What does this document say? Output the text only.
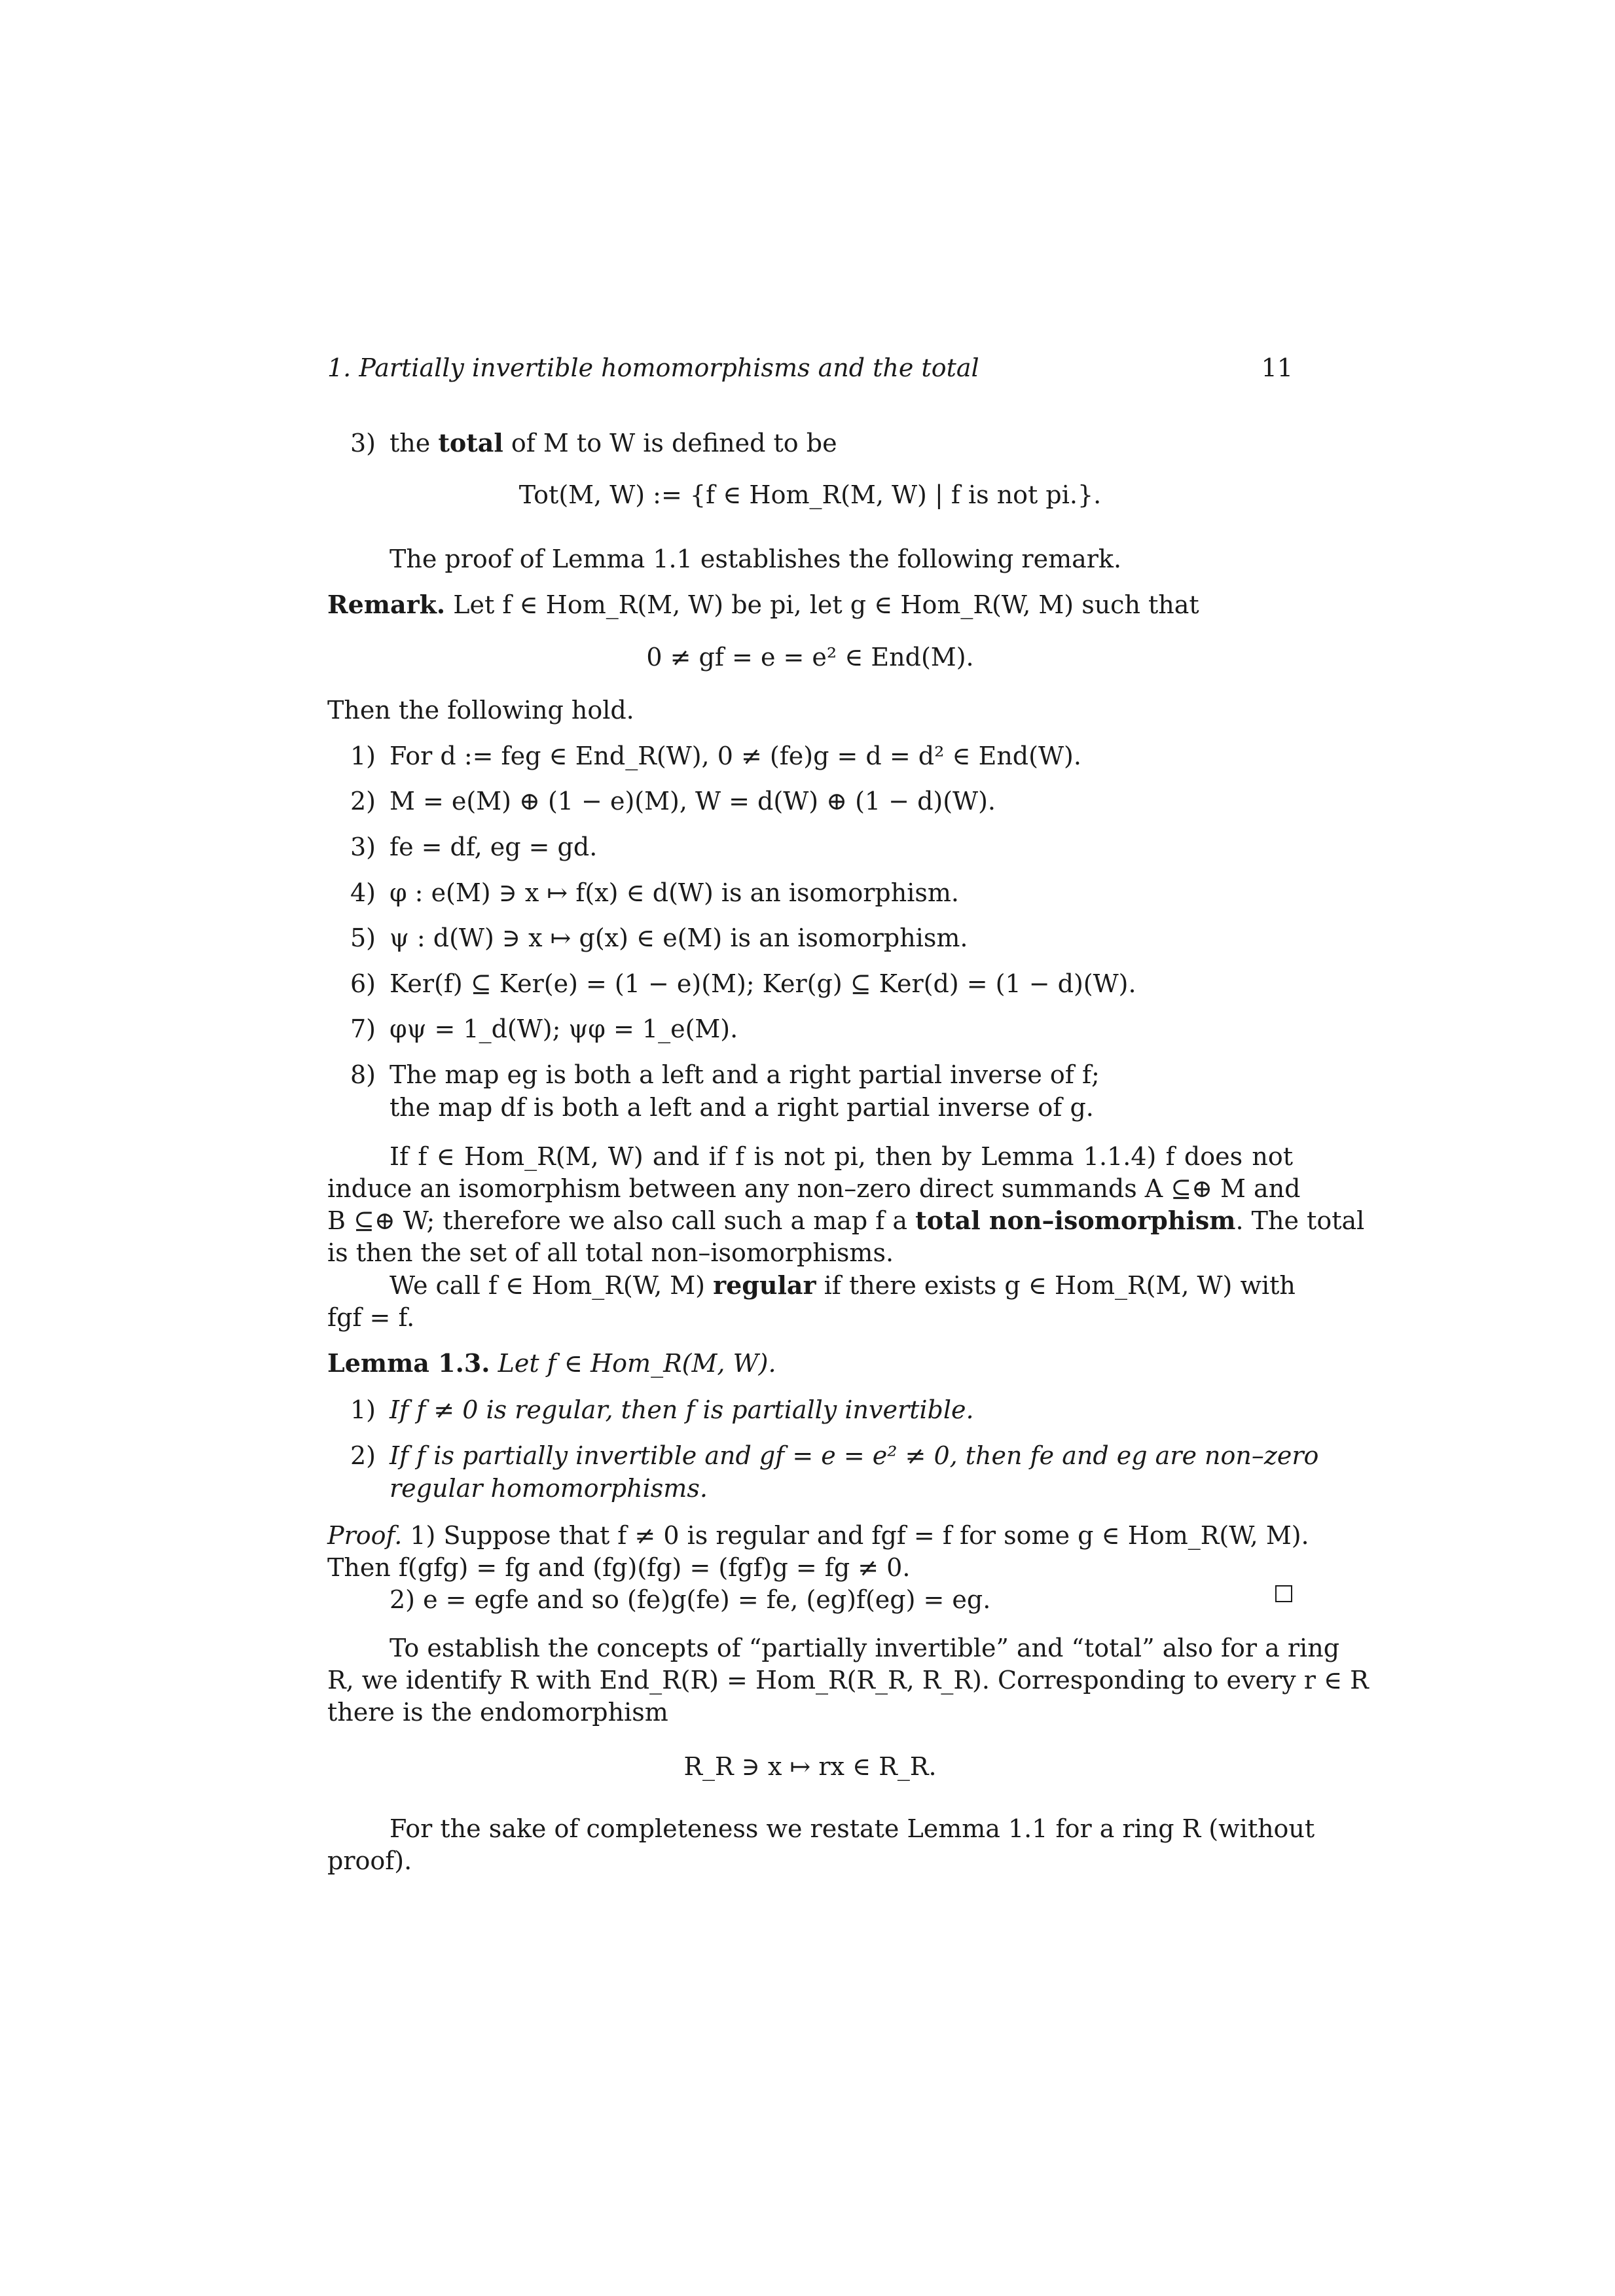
1. Partially invertible homomorphisms and the total	11
3) the total of M to W is defined to be
Tot(M, W) := {f ∈ Hom_R(M, W) | f is not pi.}.
The proof of Lemma 1.1 establishes the following remark.
Remark. Let f ∈ Hom_R(M, W) be pi, let g ∈ Hom_R(W, M) such that
0 ≠ gf = e = e² ∈ End(M).
Then the following hold.
1) For d := feg ∈ End_R(W), 0 ≠ (fe)g = d = d² ∈ End(W).
2) M = e(M) ⊕ (1 − e)(M), W = d(W) ⊕ (1 − d)(W).
3) fe = df, eg = gd.
4) φ : e(M) ∋ x ↦ f(x) ∈ d(W) is an isomorphism.
5) ψ : d(W) ∋ x ↦ g(x) ∈ e(M) is an isomorphism.
6) Ker(f) ⊆ Ker(e) = (1 − e)(M); Ker(g) ⊆ Ker(d) = (1 − d)(W).
7) φψ = 1_d(W); ψφ = 1_e(M).
8) The map eg is both a left and a right partial inverse of f;
the map df is both a left and a right partial inverse of g.
If f ∈ Hom_R(M, W) and if f is not pi, then by Lemma 1.1.4) f does not
induce an isomorphism between any non–zero direct summands A ⊆⊕ M and
B ⊆⊕ W; therefore we also call such a map f a total non–isomorphism. The total
is then the set of all total non–isomorphisms.
We call f ∈ Hom_R(W, M) regular if there exists g ∈ Hom_R(M, W) with
fgf = f.
Lemma 1.3. Let f ∈ Hom_R(M, W).
1) If f ≠ 0 is regular, then f is partially invertible.
2) If f is partially invertible and gf = e = e² ≠ 0, then fe and eg are non–zero
regular homomorphisms.
Proof. 1) Suppose that f ≠ 0 is regular and fgf = f for some g ∈ Hom_R(W, M).
Then f(gfg) = fg and (fg)(fg) = (fgf)g = fg ≠ 0.
2) e = egfe and so (fe)g(fe) = fe, (eg)f(eg) = eg.
To establish the concepts of “partially invertible” and “total” also for a ring
R, we identify R with End_R(R) = Hom_R(R_R, R_R). Corresponding to every r ∈ R
there is the endomorphism
R_R ∋ x ↦ rx ∈ R_R.
For the sake of completeness we restate Lemma 1.1 for a ring R (without
proof).
